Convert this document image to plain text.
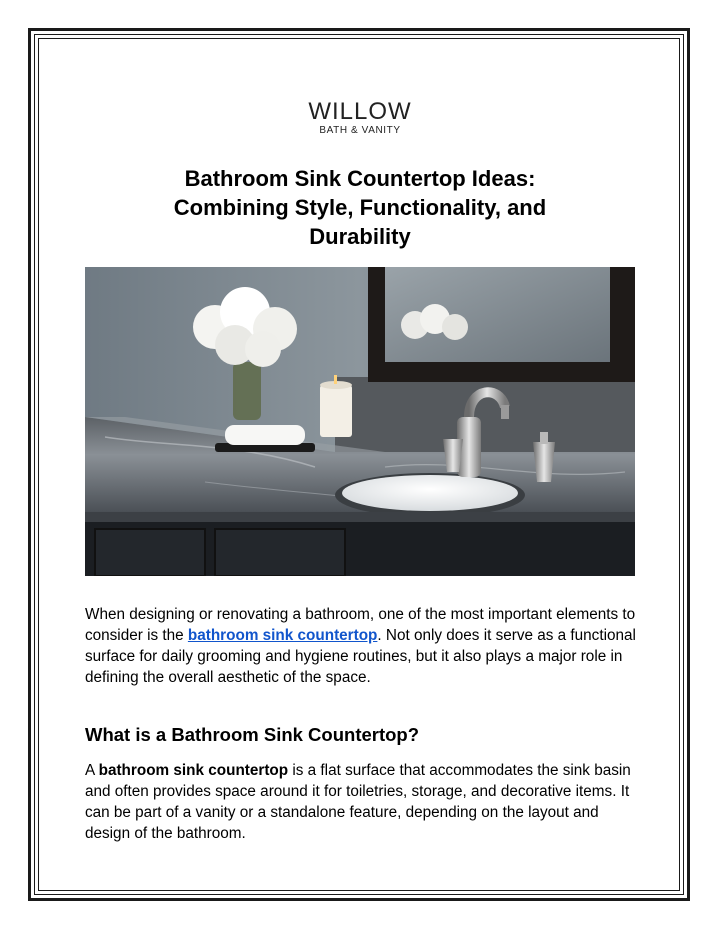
WILLOW
BATH & VANITY
Bathroom Sink Countertop Ideas:
Combining Style, Functionality, and
Durability

When designing or renovating a bathroom, one of the most important elements to consider is the bathroom sink countertop. Not only does it serve as a functional surface for daily grooming and hygiene routines, but it also plays a major role in defining the overall aesthetic of the space.

What is a Bathroom Sink Countertop?

A bathroom sink countertop is a flat surface that accommodates the sink basin and often provides space around it for toiletries, storage, and decorative items. It can be part of a vanity or a standalone feature, depending on the layout and design of the bathroom.
